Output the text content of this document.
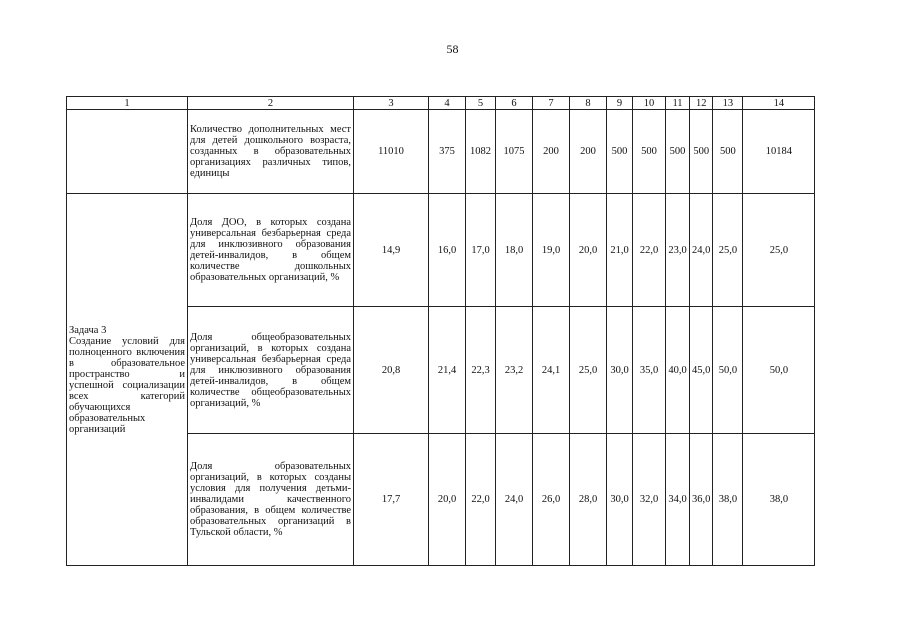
58
1	2	3	4	5	6	7	8	9	10	11	12	13	14
	Количество дополнительных мест для детей дошкольного возраста, созданных в образовательных организациях различных типов, единицы	11010	375	1082	1075	200	200	500	500	500	500	500	10184

Задача 3
Создание условий для полноценного включения в образовательное пространство и успешной социализации всех категорий обучающихся образовательных организаций	Доля ДОО, в которых создана универсальная безбарьерная среда для инклюзивного образования детей-инвалидов, в общем количестве дошкольных образовательных организаций, %	14,9	16,0	17,0	18,0	19,0	20,0	21,0	22,0	23,0	24,0	25,0	25,0
	Доля общеобразовательных организаций, в которых создана универсальная безбарьерная среда для инклюзивного образования детей-инвалидов, в общем количестве общеобразовательных организаций, %	20,8	21,4	22,3	23,2	24,1	25,0	30,0	35,0	40,0	45,0	50,0	50,0
	Доля образовательных организаций, в которых созданы условия для получения детьми-инвалидами качественного образования, в общем количестве образовательных организаций в Тульской области, %	17,7	20,0	22,0	24,0	26,0	28,0	30,0	32,0	34,0	36,0	38,0	38,0
